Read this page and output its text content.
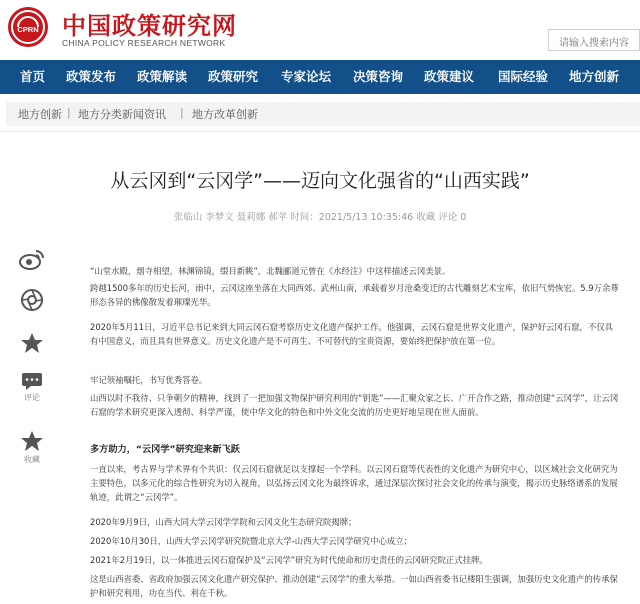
CPRN 中国政策研究网
CHINA POLICY RESEARCH NETWORK	请输入搜索内容
首页 政策发布 政策解读 政策研究 专家论坛 决策咨询 政策建议 国际经验 地方创新
地方创新 | 地方分类新闻资讯 | 地方改革创新
从云冈到“云冈学”——迈向文化强省的“山西实践”
张临山 李梦文 聂莉娜 郝苹 时间：2021/5/13 10:35:46 收藏 评论 0
评论
收藏
“山堂水殿，烟寺相望，林渊锦镜，缀目新眺”，北魏郦道元曾在《水经注》中这样描述云冈美景。
跨越1500多年的历史长河，雨中，云冈这座坐落在大同西郊、武州山南，承载着岁月沧桑变迁的古代雕刻艺术宝库，依旧气势恢宏。5.9万余尊形态各异的佛像散发着璀璨光华。
2020年5月11日，习近平总书记来到大同云冈石窟考察历史文化遗产保护工作。他强调，云冈石窟是世界文化遗产，保护好云冈石窟，不仅具有中国意义，而且具有世界意义。历史文化遗产是不可再生、不可替代的宝贵资源，要始终把保护放在第一位。
牢记领袖嘱托，书写优秀答卷。
山西以时不我待、只争朝夕的精神，找到了一把加强文物保护研究利用的“钥匙”——汇聚众家之长、广开合作之路，推动创建“云冈学”，让云冈石窟的学术研究更深入透彻、科学严谨，使中华文化的特色和中外文化交流的历史更好地呈现在世人面前。
多方助力，“云冈学”研究迎来新飞跃
一直以来，考古界与学术界有个共识：仅云冈石窟就足以支撑起一个学科。以云冈石窟等代表性的文化遗产为研究中心，以区域社会文化研究为主要特色，以多元化的综合性研究为切入视角，以弘扬云冈文化为最终诉求，通过深层次探讨社会文化的传承与演变，揭示历史脉络谱系的发展轨迹，此谓之“云冈学”。
2020年9月9日，山西大同大学云冈学学院和云冈文化生态研究院揭牌；
2020年10月30日，山西大学云冈学研究院暨北京大学-山西大学云冈学研究中心成立；
2021年2月19日，以一体推进云冈石窟保护及“云冈学”研究为时代使命和历史责任的云冈研究院正式挂牌。
这是山西省委、省政府加强云冈文化遗产研究保护、推动创建“云冈学”的重大举措。一如山西省委书记楼阳生强调，加强历史文化遗产的传承保护和研究利用，功在当代、利在千秋。
